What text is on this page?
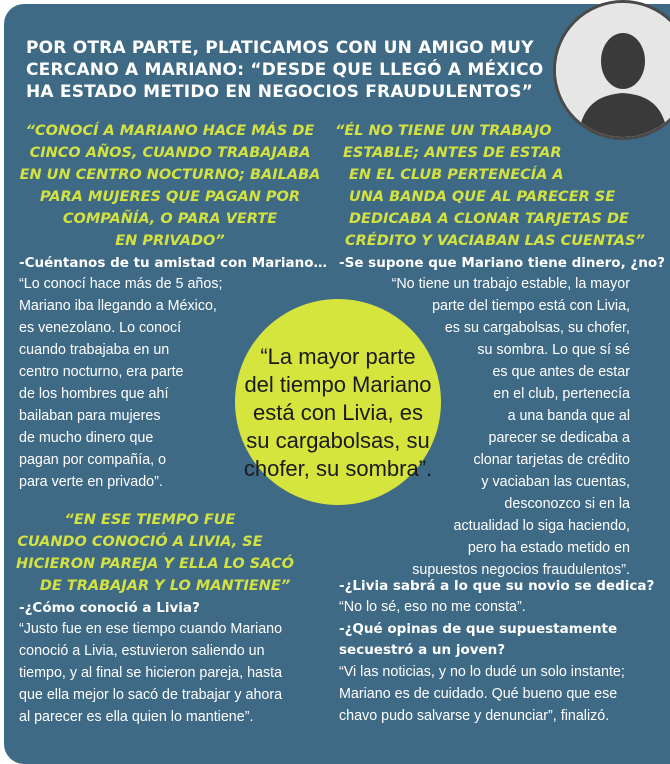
POR OTRA PARTE, PLATICAMOS CON UN AMIGO MUY
CERCANO A MARIANO: “DESDE QUE LLEGÓ A MÉXICO
HA ESTADO METIDO EN NEGOCIOS FRAUDULENTOS”
“CONOCÍ A MARIANO HACE MÁS DE
CINCO AÑOS, CUANDO TRABAJABA
EN UN CENTRO NOCTURNO; BAILABA
PARA MUJERES QUE PAGAN POR
COMPAÑÍA, O PARA VERTE
EN PRIVADO”
-Cuéntanos de tu amistad con Mariano…
“Lo conocí hace más de 5 años;
Mariano iba llegando a México,
es venezolano. Lo conocí
cuando trabajaba en un
centro nocturno, era parte
de los hombres que ahí
bailaban para mujeres
de mucho dinero que
pagan por compañía, o
para verte en privado”.
“EN ESE TIEMPO FUE
CUANDO CONOCIÓ A LIVIA, SE
HICIERON PAREJA Y ELLA LO SACÓ
DE TRABAJAR Y LO MANTIENE”
-¿Cómo conoció a Livia?
“Justo fue en ese tiempo cuando Mariano
conoció a Livia, estuvieron saliendo un
tiempo, y al final se hicieron pareja, hasta
que ella mejor lo sacó de trabajar y ahora
al parecer es ella quien lo mantiene”.
“ÉL NO TIENE UN TRABAJO
ESTABLE; ANTES DE ESTAR
EN EL CLUB PERTENECÍA A
UNA BANDA QUE AL PARECER SE
DEDICABA A CLONAR TARJETAS DE
CRÉDITO Y VACIABAN LAS CUENTAS”
-Se supone que Mariano tiene dinero, ¿no?
“No tiene un trabajo estable, la mayor
parte del tiempo está con Livia,
es su cargabolsas, su chofer,
su sombra. Lo que sí sé
es que antes de estar
en el club, pertenecía
a una banda que al
parecer se dedicaba a
clonar tarjetas de crédito
y vaciaban las cuentas,
desconozco si en la
actualidad lo siga haciendo,
pero ha estado metido en
supuestos negocios fraudulentos”.
-¿Livia sabrá a lo que su novio se dedica?
“No lo sé, eso no me consta”.
-¿Qué opinas de que supuestamente
secuestró a un joven?
“Vi las noticias, y no lo dudé un solo instante;
Mariano es de cuidado. Qué bueno que ese
chavo pudo salvarse y denunciar”, finalizó.
“La mayor parte
del tiempo Mariano
está con Livia, es
su cargabolsas, su
chofer, su sombra”.
